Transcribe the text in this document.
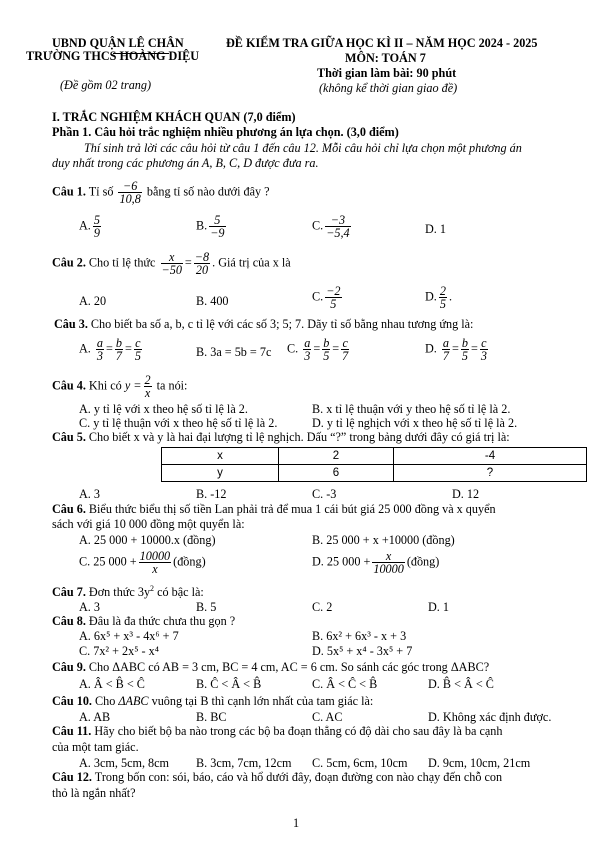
UBND QUẬN LÊ CHÂN
TRƯỜNG THCS HOÀNG DIỆU
(Đề gồm 02 trang)
ĐỀ KIỂM TRA GIỮA HỌC KÌ II – NĂM HỌC 2024 - 2025
MÔN: TOÁN 7
Thời gian làm bài: 90 phút
(không kể thời gian giao đề)
I. TRẮC NGHIỆM KHÁCH QUAN (7,0 điểm)
Phần 1. Câu hỏi trắc nghiệm nhiều phương án lựa chọn. (3,0 điểm)
Thí sinh trả lời các câu hỏi từ câu 1 đến câu 12. Mỗi câu hỏi chỉ lựa chọn một phương án
duy nhất trong các phương án A, B, C, D được đưa ra.
Câu 1. Tỉ số $\frac{-6}{10,8}$ bằng tỉ số nào dưới đây ?
A. $\frac{5}{9}$	B. $\frac{5}{-9}$	C. $\frac{-3}{-5,4}$	D. 1
Câu 2. Cho tỉ lệ thức $\frac{x}{-50} = \frac{-8}{20}$ . Giá trị của x là
A. 20	B. 400	C. $\frac{-2}{5}$	D. $\frac{2}{5}$ .
Câu 3. Cho biết ba số a, b, c tỉ lệ với các số 3; 5; 7. Dãy tỉ số bằng nhau tương ứng là:
A. $\frac{a}{3} = \frac{b}{7} = \frac{c}{5}$	B. 3a = 5b = 7c C. $\frac{a}{3} = \frac{b}{5} = \frac{c}{7}$	D. $\frac{a}{7} = \frac{b}{5} = \frac{c}{3}$
Câu 4. Khi có $y = \frac{2}{x}$ ta nói:
A. y tỉ lệ với x theo hệ số tỉ lệ là 2.	B. x tỉ lệ thuận với y theo hệ số tỉ lệ là 2.
C. y tỉ lệ thuận với x theo hệ số tỉ lệ là 2.	D. y tỉ lệ nghịch với x theo hệ số tỉ lệ là 2.
Câu 5. Cho biết x và y là hai đại lượng tỉ lệ nghịch. Dấu “?” trong bảng dưới đây có giá trị là:
x	2	-4
y	6	?
A. 3	B. -12	C. -3	D. 12
Câu 6. Biểu thức biểu thị số tiền Lan phải trả để mua 1 cái bút giá 25 000 đồng và x quyển
sách với giá 10 000 đồng một quyển là:
A. 25 000 + 10000.x (đồng)	B. 25 000 + x +10000 (đồng)
C. 25 $000 + \frac{10000}{x}$ (đồng)	D. 25 $000 + \frac{x}{10000}$ (đồng)
Câu 7. Đơn thức $3y^2$ có bậc là:
A. 3	B. 5	C. 2	D. 1
Câu 8. Đâu là đa thức chưa thu gọn ?
A. 6x⁵ + x³ - 4x⁶ + 7	B. 6x² + 6x³ - x + 3
C. 7x² + 2x⁵ - x⁴	D. 5x⁵ + x⁴ - 3x⁵ + 7
Câu 9. Cho ΔABC có AB = 3 cm, BC = 4 cm, AC = 6 cm. So sánh các góc trong ΔABC?
A. Â < B̂ < Ĉ	B. Ĉ < Â < B̂	C. Â < Ĉ < B̂	D. B̂ < Â < Ĉ
Câu 10. Cho ΔABC vuông tại B thì cạnh lớn nhất của tam giác là:
A. AB	B. BC	C. AC	D. Không xác định được.
Câu 11. Hãy cho biết bộ ba nào trong các bộ ba đoạn thẳng có độ dài cho sau đây là ba cạnh
của một tam giác.
A. 3cm, 5cm, 8cm B. 3cm, 7cm, 12cm C. 5cm, 6cm, 10cm D. 9cm, 10cm, 21cm
Câu 12. Trong bốn con: sói, báo, cáo và hổ dưới đây, đoạn đường con nào chạy đến chỗ con
thỏ là ngắn nhất?
1
